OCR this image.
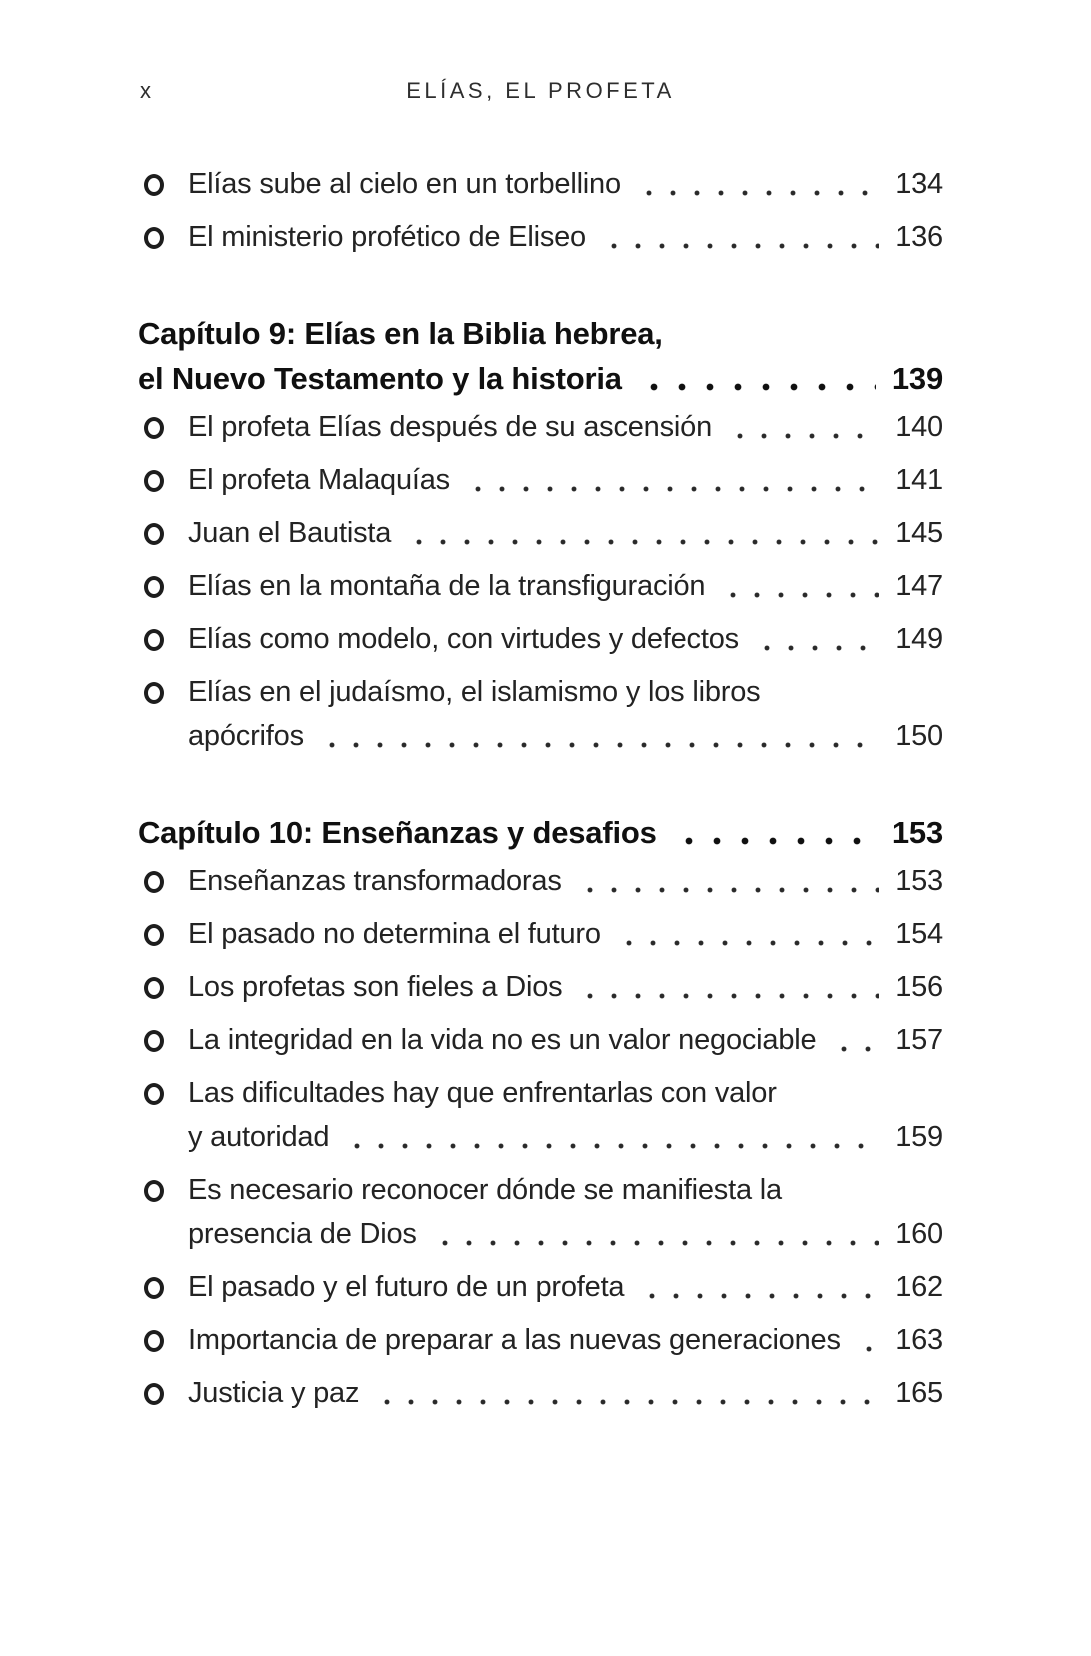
x	ELÍAS, EL PROFETA
Elías sube al cielo en un torbellino	134
El ministerio profético de Eliseo	136
Capítulo 9: Elías en la Biblia hebrea,
el Nuevo Testamento y la historia	139
El profeta Elías después de su ascensión	140
El profeta Malaquías	141
Juan el Bautista	145
Elías en la montaña de la transfiguración	147
Elías como modelo, con virtudes y defectos	149
Elías en el judaísmo, el islamismo y los libros
apócrifos	150
Capítulo 10: Enseñanzas y desafios	153
Enseñanzas transformadoras	153
El pasado no determina el futuro	154
Los profetas son fieles a Dios	156
La integridad en la vida no es un valor negociable	157
Las dificultades hay que enfrentarlas con valor
y autoridad	159
Es necesario reconocer dónde se manifiesta la
presencia de Dios	160
El pasado y el futuro de un profeta	162
Importancia de preparar a las nuevas generaciones 163
Justicia y paz	165
